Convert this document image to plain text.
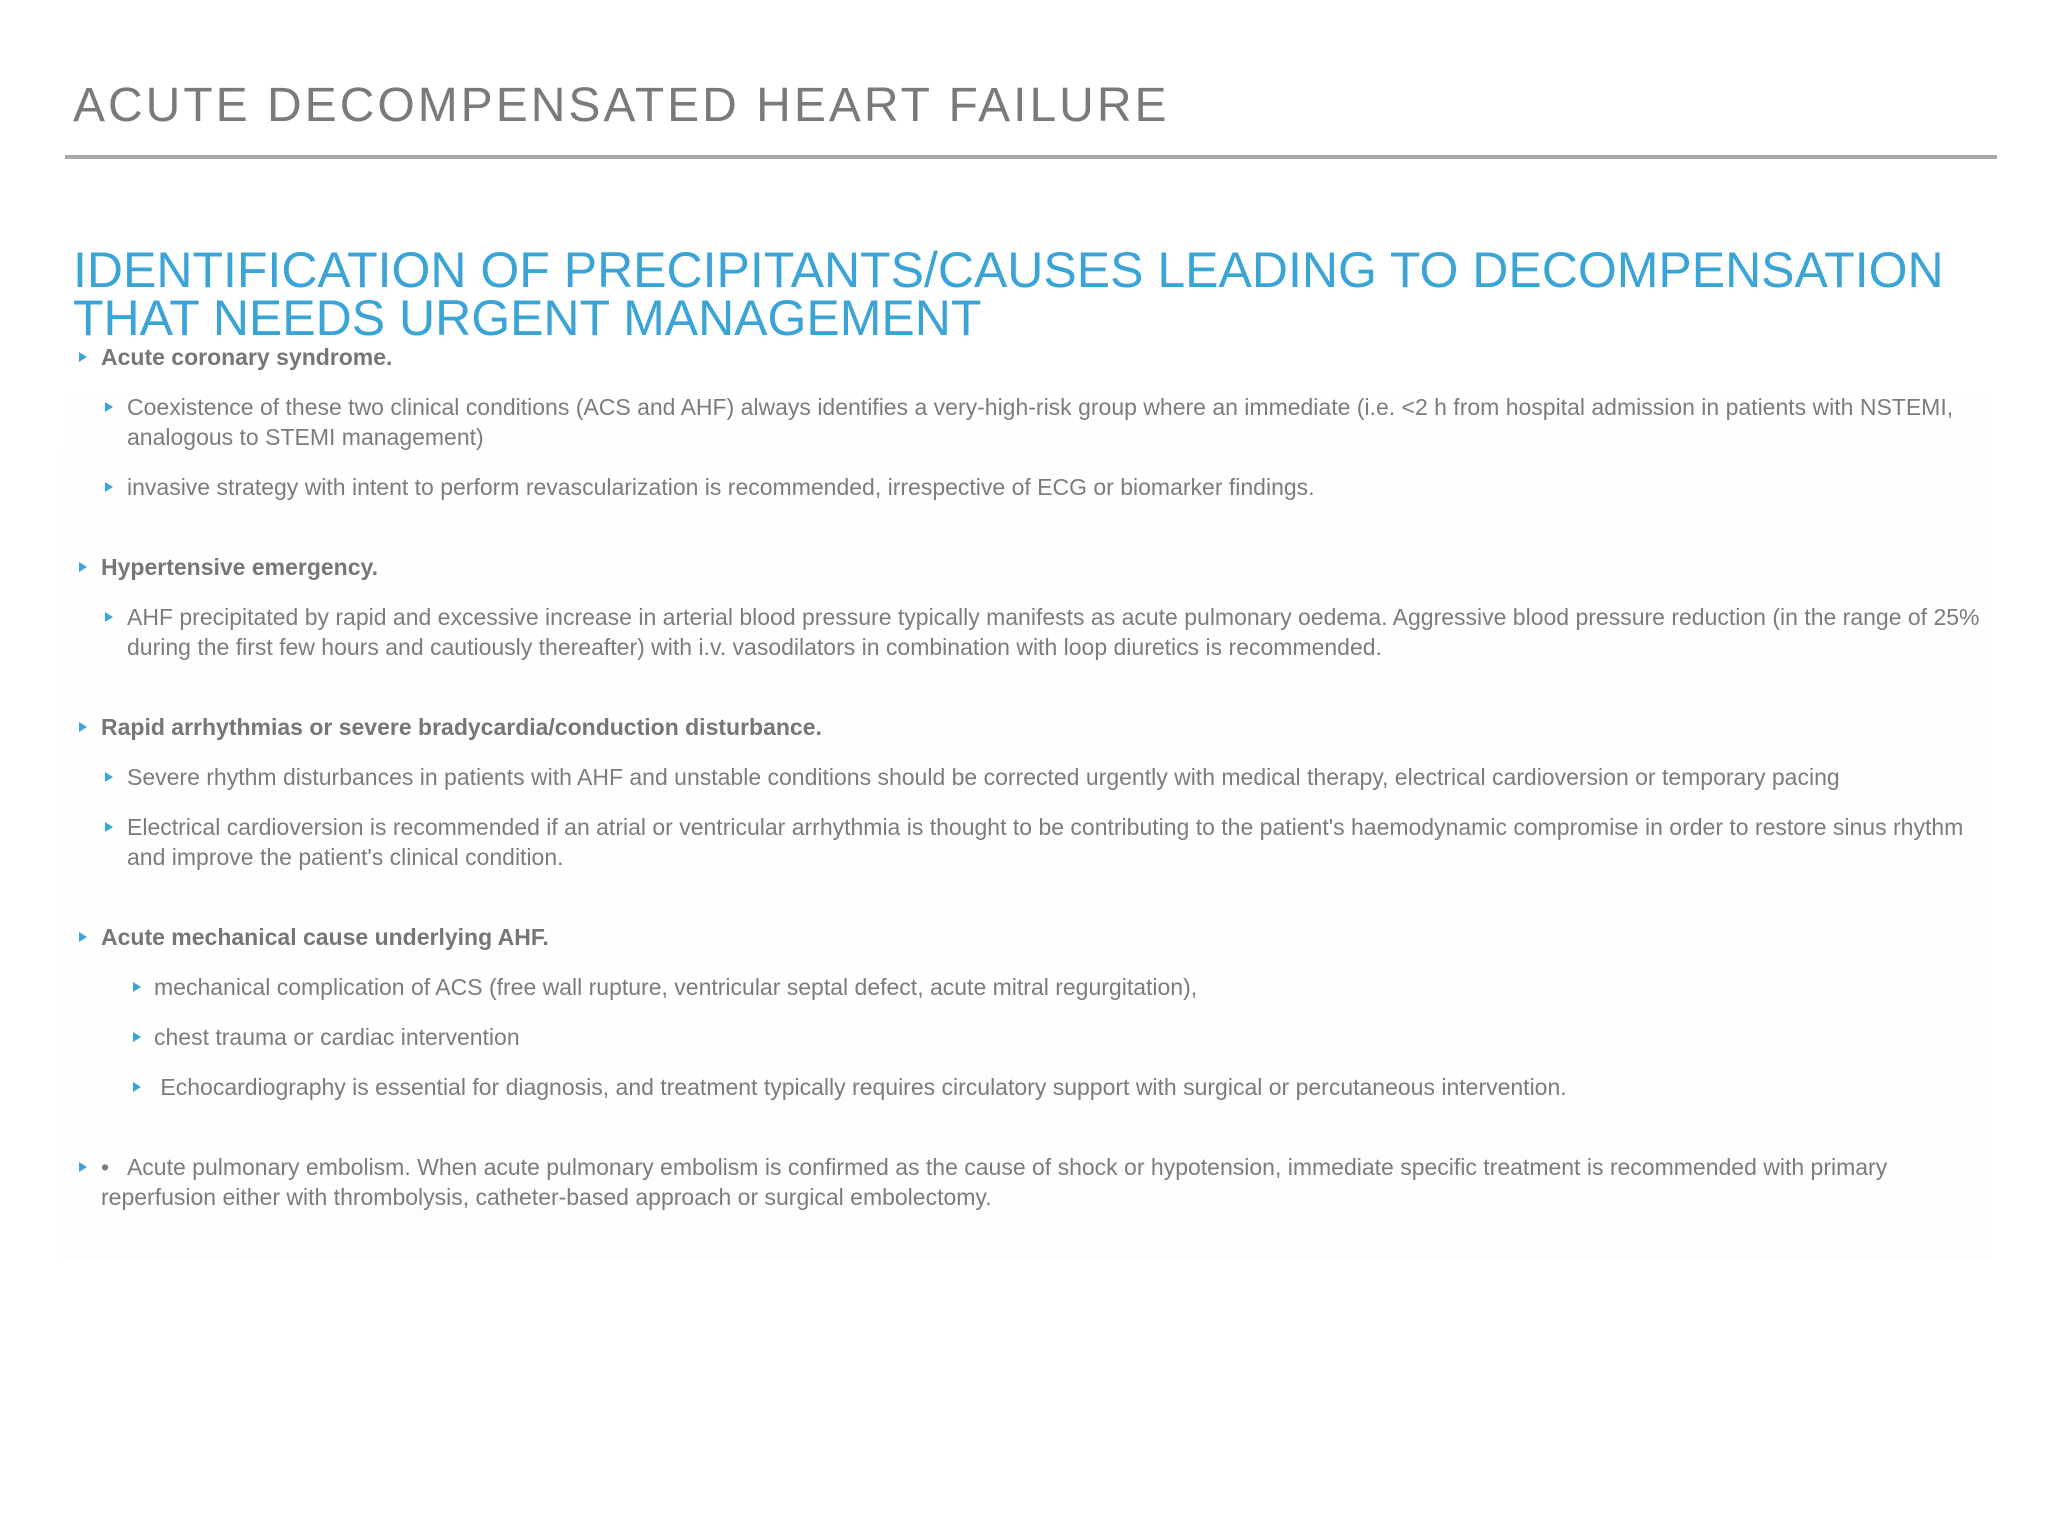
ACUTE DECOMPENSATED HEART FAILURE
IDENTIFICATION OF PRECIPITANTS/CAUSES LEADING TO DECOMPENSATION
THAT NEEDS URGENT MANAGEMENT
Acute coronary syndrome.
Coexistence of these two clinical conditions (ACS and AHF) always identifies a very-high-risk group where an immediate (i.e. <2 h from hospital admission in patients with NSTEMI, analogous to STEMI management)
invasive strategy with intent to perform revascularization is recommended, irrespective of ECG or biomarker findings.
Hypertensive emergency.
AHF precipitated by rapid and excessive increase in arterial blood pressure typically manifests as acute pulmonary oedema. Aggressive blood pressure reduction (in the range of 25% during the first few hours and cautiously thereafter) with i.v. vasodilators in combination with loop diuretics is recommended.
Rapid arrhythmias or severe bradycardia/conduction disturbance.
Severe rhythm disturbances in patients with AHF and unstable conditions should be corrected urgently with medical therapy, electrical cardioversion or temporary pacing
Electrical cardioversion is recommended if an atrial or ventricular arrhythmia is thought to be contributing to the patient's haemodynamic compromise in order to restore sinus rhythm and improve the patient's clinical condition.
Acute mechanical cause underlying AHF.
mechanical complication of ACS (free wall rupture, ventricular septal defect, acute mitral regurgitation),
chest trauma or cardiac intervention
Echocardiography is essential for diagnosis, and treatment typically requires circulatory support with surgical or percutaneous intervention.
•   Acute pulmonary embolism. When acute pulmonary embolism is confirmed as the cause of shock or hypotension, immediate specific treatment is recommended with primary reperfusion either with thrombolysis, catheter-based approach or surgical embolectomy.
